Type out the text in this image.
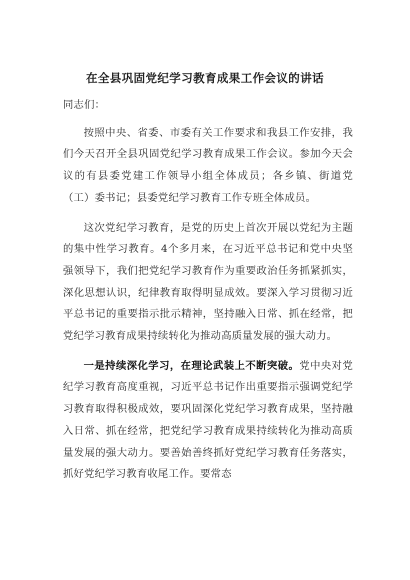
在全县巩固党纪学习教育成果工作会议的讲话

同志们：

按照中央、省委、市委有关工作要求和我县工作安排，我们今天召开全县巩固党纪学习教育成果工作会议。参加今天会议的有县委党建工作领导小组全体成员；各乡镇、街道党（工）委书记；县委党纪学习教育工作专班全体成员。

这次党纪学习教育，是党的历史上首次开展以党纪为主题的集中性学习教育。4个多月来，在习近平总书记和党中央坚强领导下，我们把党纪学习教育作为重要政治任务抓紧抓实，深化思想认识，纪律教育取得明显成效。要深入学习贯彻习近平总书记的重要指示批示精神，坚持融入日常、抓在经常，把党纪学习教育成果持续转化为推动高质量发展的强大动力。

一是持续深化学习，在理论武装上不断突破。党中央对党纪学习教育高度重视，习近平总书记作出重要指示强调党纪学习教育取得积极成效，要巩固深化党纪学习教育成果，坚持融入日常、抓在经常，把党纪学习教育成果持续转化为推动高质量发展的强大动力。要善始善终抓好党纪学习教育任务落实，抓好党纪学习教育收尾工作。要常态
